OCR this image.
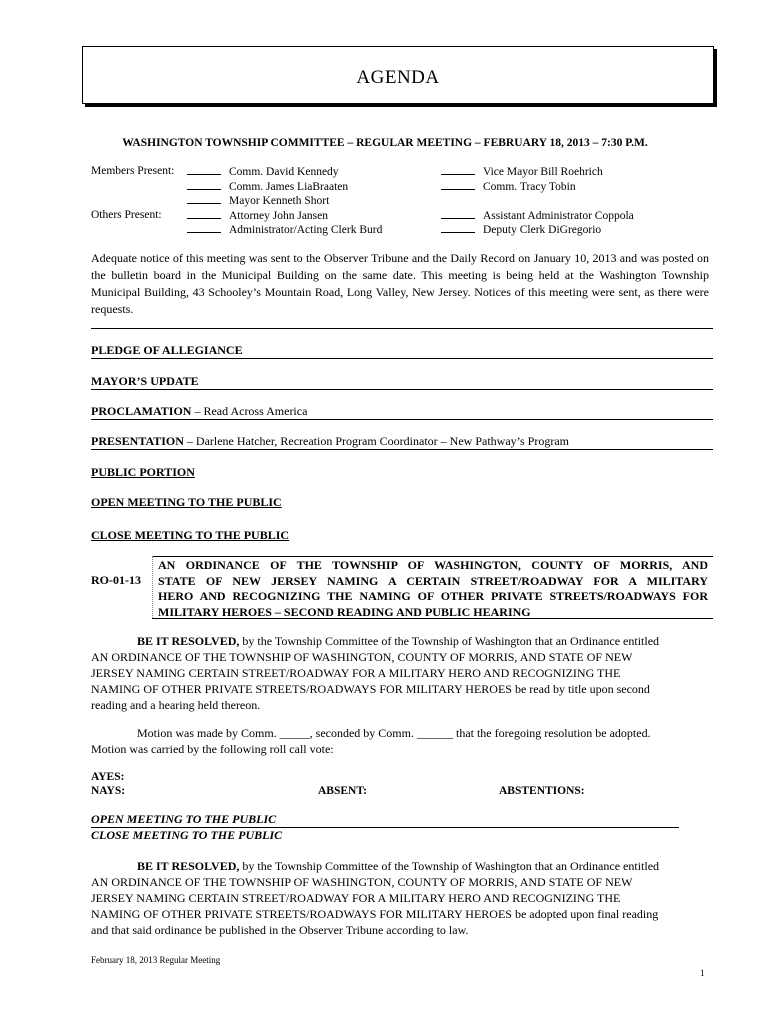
AGENDA
WASHINGTON TOWNSHIP COMMITTEE – REGULAR MEETING – FEBRUARY 18, 2013 – 7:30 P.M.
Members Present:
Others Present:
Comm. David Kennedy
Comm. James LiaBraaten
Mayor Kenneth Short
Attorney John Jansen
Administrator/Acting Clerk Burd
Vice Mayor Bill Roehrich
Comm. Tracy Tobin
Assistant Administrator Coppola
Deputy Clerk DiGregorio
Adequate notice of this meeting was sent to the Observer Tribune and the Daily Record on January 10, 2013 and was posted on the bulletin board in the Municipal Building on the same date. This meeting is being held at the Washington Township Municipal Building, 43 Schooley’s Mountain Road, Long Valley, New Jersey. Notices of this meeting were sent, as there were requests.
PLEDGE OF ALLEGIANCE
MAYOR’S UPDATE
PROCLAMATION – Read Across America
PRESENTATION – Darlene Hatcher, Recreation Program Coordinator – New Pathway’s Program
PUBLIC PORTION
OPEN MEETING TO THE PUBLIC
CLOSE MEETING TO THE PUBLIC
RO-01-13
AN ORDINANCE OF THE TOWNSHIP OF WASHINGTON, COUNTY OF MORRIS, AND
STATE OF NEW JERSEY NAMING A CERTAIN STREET/ROADWAY FOR A MILITARY
HERO AND RECOGNIZING THE NAMING OF OTHER PRIVATE STREETS/ROADWAYS FOR
MILITARY HEROES – SECOND READING AND PUBLIC HEARING
BE IT RESOLVED, by the Township Committee of the Township of Washington that an Ordinance entitled
AN ORDINANCE OF THE TOWNSHIP OF WASHINGTON, COUNTY OF MORRIS, AND STATE OF NEW
JERSEY NAMING CERTAIN STREET/ROADWAY FOR A MILITARY HERO AND RECOGNIZING THE
NAMING OF OTHER PRIVATE STREETS/ROADWAYS FOR MILITARY HEROES be read by title upon second
reading and a hearing held thereon.
Motion was made by Comm. _____, seconded by Comm. ______ that the foregoing resolution be adopted.
Motion was carried by the following roll call vote:
AYES:
NAYS:	ABSENT:	ABSTENTIONS:
OPEN MEETING TO THE PUBLIC
CLOSE MEETING TO THE PUBLIC
BE IT RESOLVED, by the Township Committee of the Township of Washington that an Ordinance entitled
AN ORDINANCE OF THE TOWNSHIP OF WASHINGTON, COUNTY OF MORRIS, AND STATE OF NEW
JERSEY NAMING CERTAIN STREET/ROADWAY FOR A MILITARY HERO AND RECOGNIZING THE
NAMING OF OTHER PRIVATE STREETS/ROADWAYS FOR MILITARY HEROES be adopted upon final reading
and that said ordinance be published in the Observer Tribune according to law.
February 18, 2013 Regular Meeting
1
